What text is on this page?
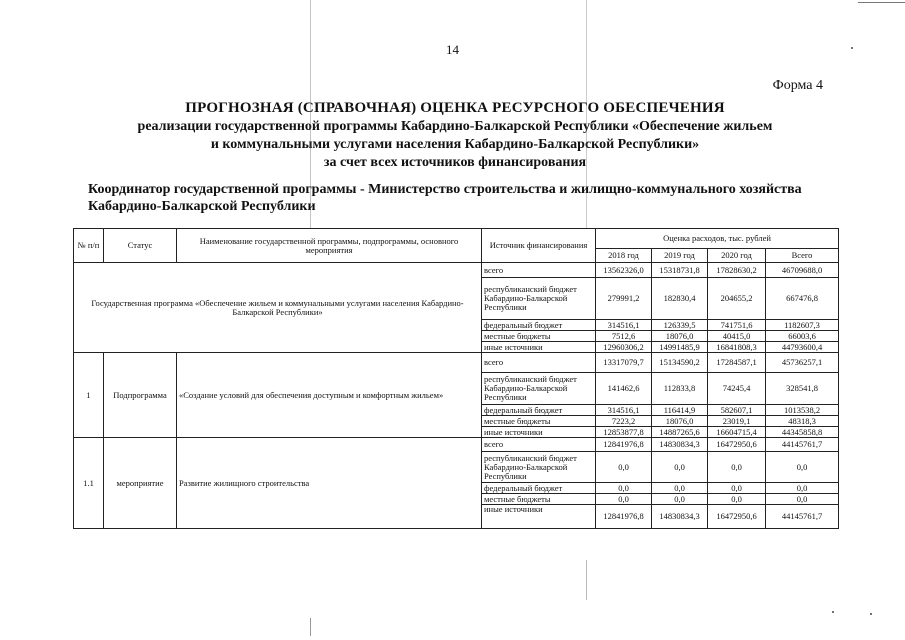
14
Форма 4
ПРОГНОЗНАЯ (СПРАВОЧНАЯ) ОЦЕНКА РЕСУРСНОГО ОБЕСПЕЧЕНИЯ
реализации государственной программы Кабардино-Балкарской Республики «Обеспечение жильем
и коммунальными услугами населения Кабардино-Балкарской Республики»
за счет всех источников финансирования
Координатор государственной программы - Министерство строительства и жилищно-коммунального хозяйства Кабардино-Балкарской Республики
№ п/п	Статус	Наименование государственной программы, подпрограммы, основного мероприятия	Источник финансирования	Оценка расходов, тыс. рублей			
				2018 год	2019 год	2020 год	Всего
Государственная программа «Обеспечение жильем и коммунальными услугами населения Кабардино-Балкарской Республики»			всего	13562326,0	15318731,8	17828630,2	46709688,0
			республиканский бюджет Кабардино-Балкарской Республики	279991,2	182830,4	204655,2	667476,8
			федеральный бюджет	314516,1	126339,5	741751,6	1182607,3
			местные бюджеты	7512,6	18076,0	40415,0	66003,6
			иные источники	12960306,2	14991485,9	16841808,3	44793600,4
1	Подпрограмма	«Создание условий для обеспечения доступным и комфортным жильем»	всего	13317079,7	15134590,2	17284587,1	45736257,1
			республиканский бюджет Кабардино-Балкарской Республики	141462,6	112833,8	74245,4	328541,8
			федеральный бюджет	314516,1	116414,9	582607,1	1013538,2
			местные бюджеты	7223,2	18076,0	23019,1	48318,3
			иные источники	12853877,8	14887265,6	16604715,4	44345858,8
1.1	мероприятие	Развитие жилищного строительства	всего	12841976,8	14830834,3	16472950,6	44145761,7
			республиканский бюджет Кабардино-Балкарской Республики	0,0	0,0	0,0	0,0
			федеральный бюджет	0,0	0,0	0,0	0,0
			местные бюджеты	0,0	0,0	0,0	0,0
			иные источники	12841976,8	14830834,3	16472950,6	44145761,7
